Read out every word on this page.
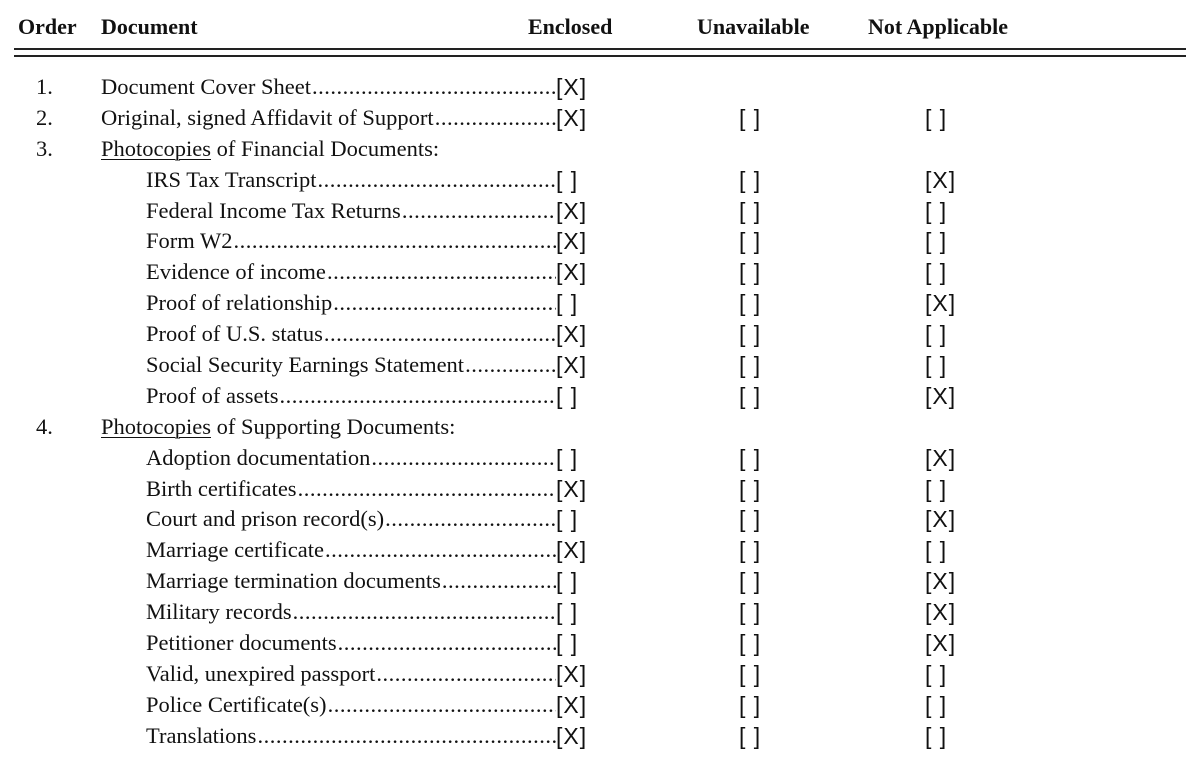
Order Document	Enclosed	Unavailable	Not Applicable
1. Document Cover Sheet .....	[X]
2. Original, signed Affidavit of Support .....	[X]	[ ]	[ ]
3. Photocopies of Financial Documents:
IRS Tax Transcript .....	[ ]	[ ]	[X]
Federal Income Tax Returns .....	[X]	[ ]	[ ]
Form W2 .....	[X]	[ ]	[ ]
Evidence of income .....	[X]	[ ]	[ ]
Proof of relationship .....	[ ]	[ ]	[X]
Proof of U.S. status .....	[X]	[ ]	[ ]
Social Security Earnings Statement .....	[X]	[ ]	[ ]
Proof of assets .....	[ ]	[ ]	[X]
4. Photocopies of Supporting Documents:
Adoption documentation .....	[ ]	[ ]	[X]
Birth certificates .....	[X]	[ ]	[ ]
Court and prison record(s) .....	[ ]	[ ]	[X]
Marriage certificate .....	[X]	[ ]	[ ]
Marriage termination documents .....	[ ]	[ ]	[X]
Military records .....	[ ]	[ ]	[X]
Petitioner documents .....	[ ]	[ ]	[X]
Valid, unexpired passport .....	[X]	[ ]	[ ]
Police Certificate(s) .....	[X]	[ ]	[ ]
Translations .....	[X]	[ ]	[ ]
